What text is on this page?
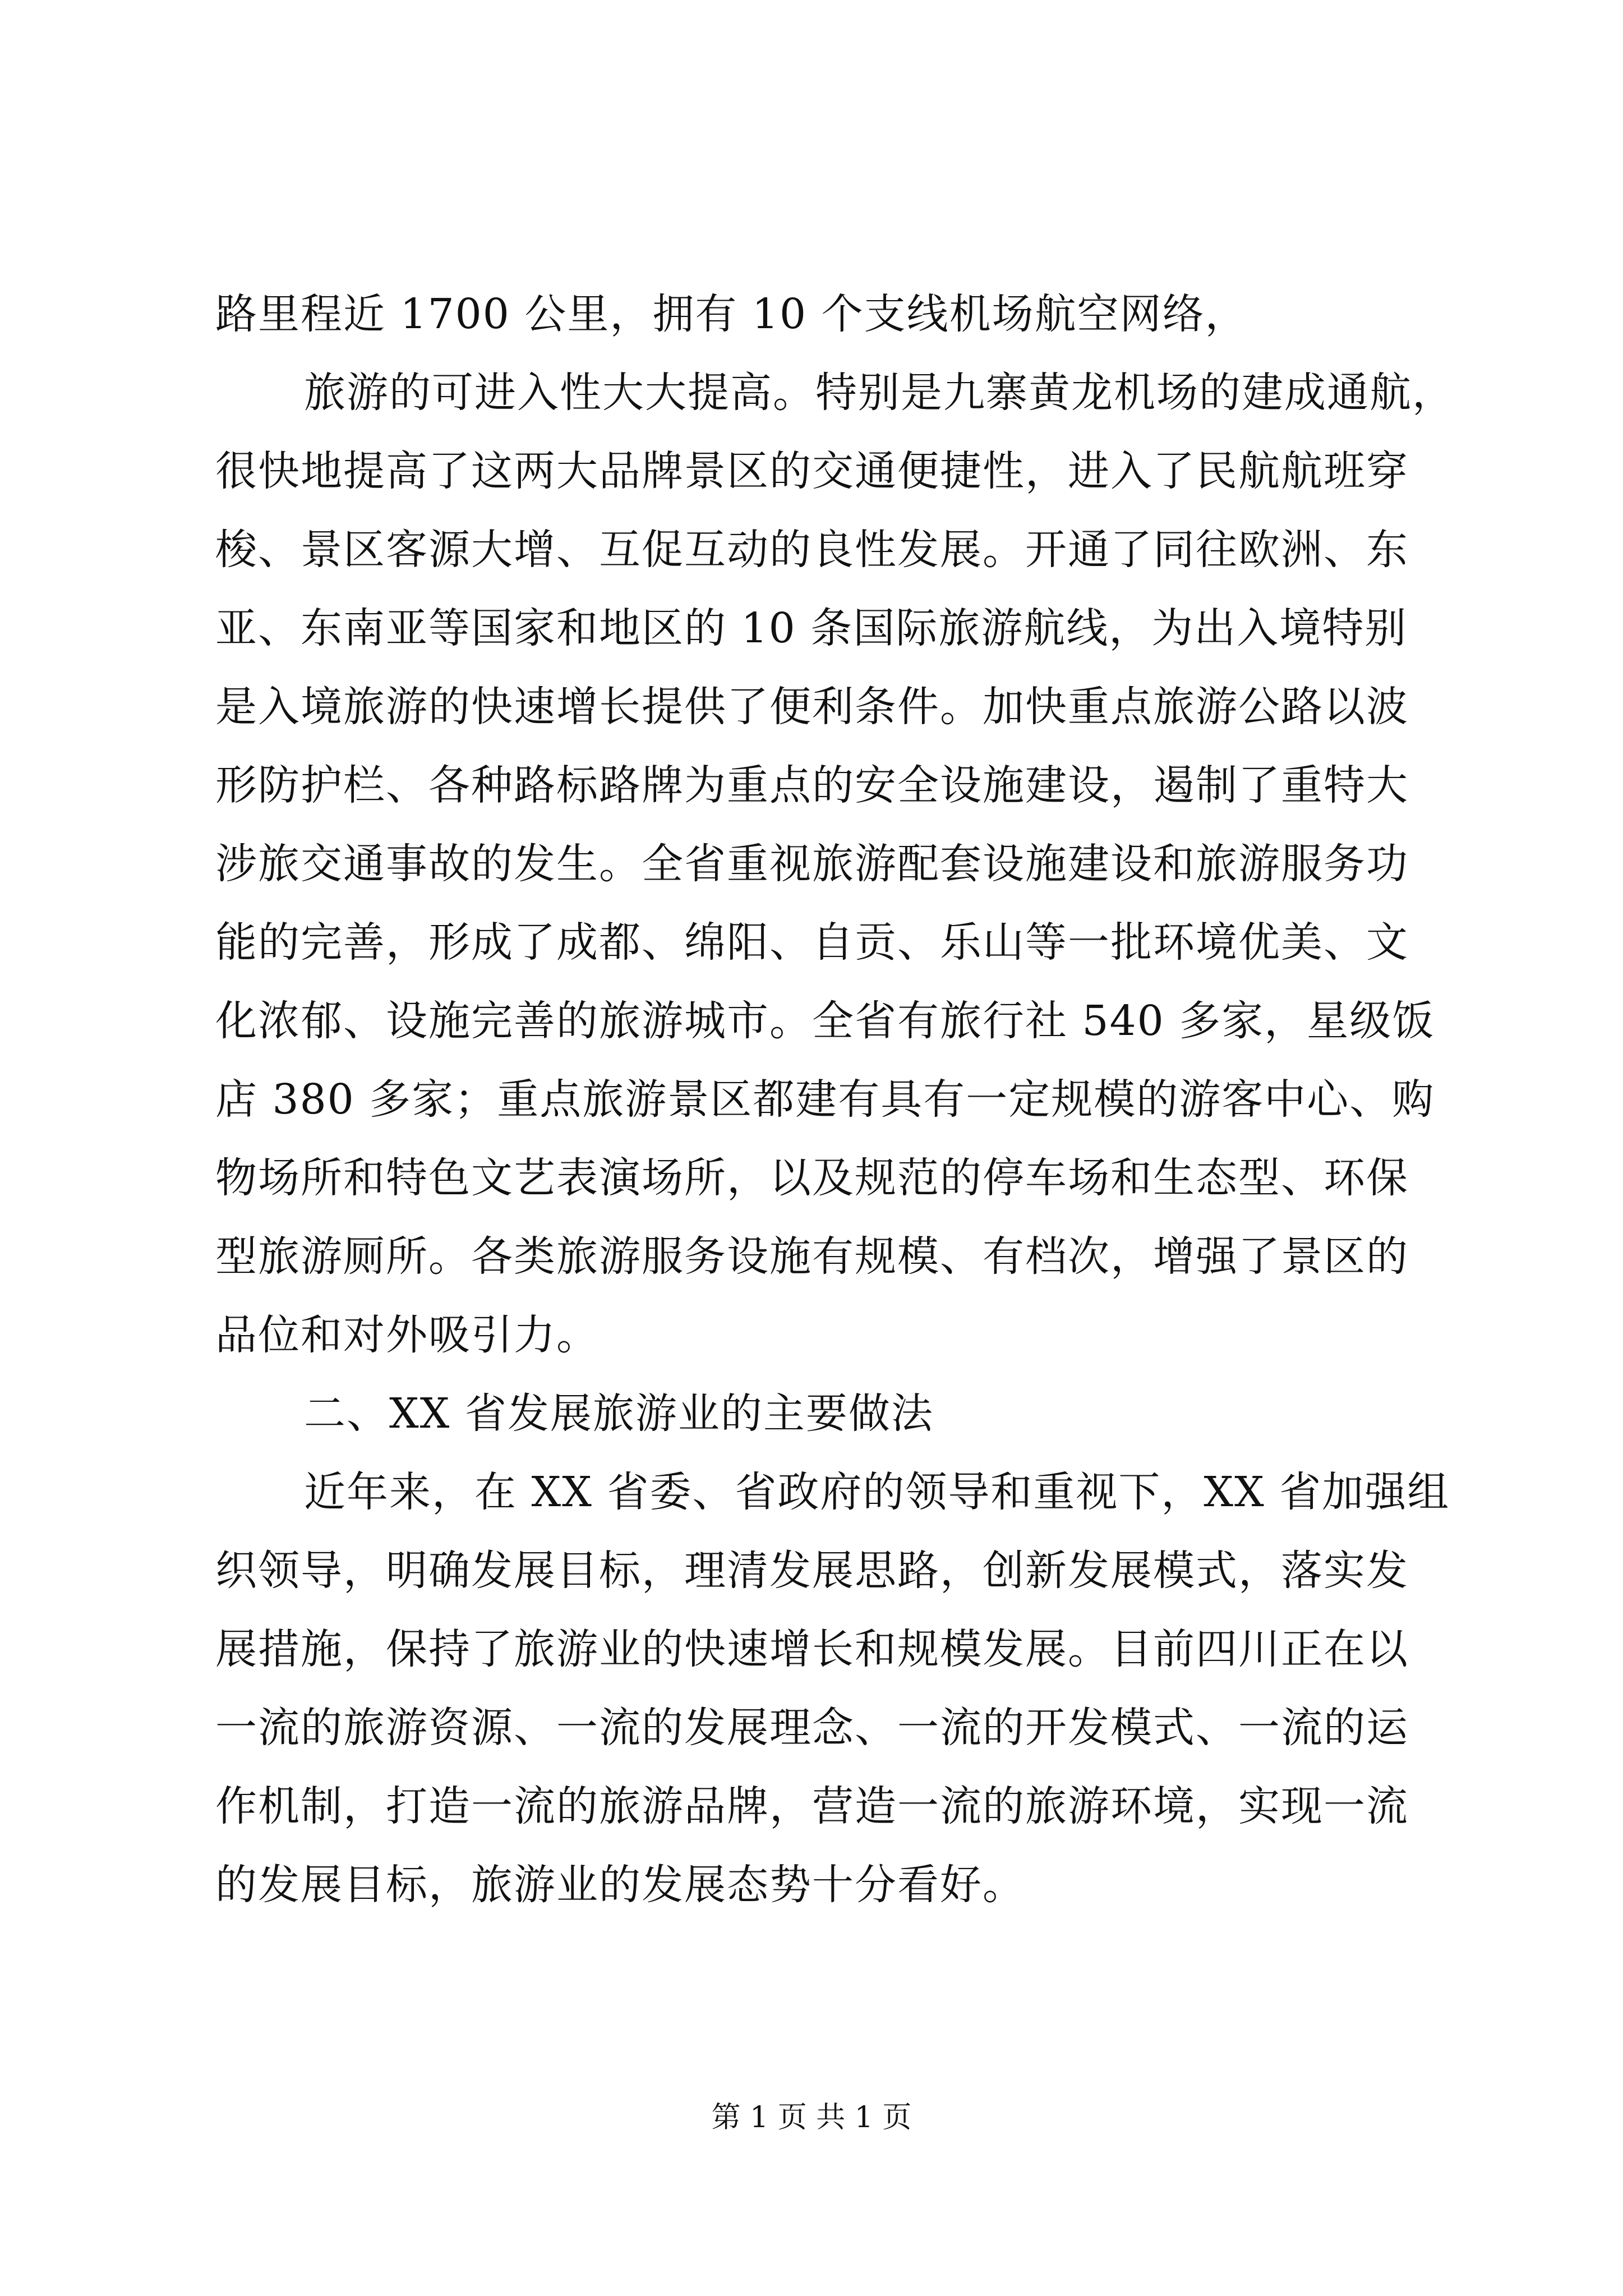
路里程近 1700 公里，拥有 10 个支线机场航空网络，
旅游的可进入性大大提高。特别是九寨黄龙机场的建成通航，
很快地提高了这两大品牌景区的交通便捷性，进入了民航航班穿
梭、景区客源大增、互促互动的良性发展。开通了同往欧洲、东
亚、东南亚等国家和地区的 10 条国际旅游航线，为出入境特别
是入境旅游的快速增长提供了便利条件。加快重点旅游公路以波
形防护栏、各种路标路牌为重点的安全设施建设，遏制了重特大
涉旅交通事故的发生。全省重视旅游配套设施建设和旅游服务功
能的完善，形成了成都、绵阳、自贡、乐山等一批环境优美、文
化浓郁、设施完善的旅游城市。全省有旅行社 540 多家，星级饭
店 380 多家；重点旅游景区都建有具有一定规模的游客中心、购
物场所和特色文艺表演场所，以及规范的停车场和生态型、环保
型旅游厕所。各类旅游服务设施有规模、有档次，增强了景区的
品位和对外吸引力。
二、XX 省发展旅游业的主要做法
近年来，在 XX 省委、省政府的领导和重视下，XX 省加强组
织领导，明确发展目标，理清发展思路，创新发展模式，落实发
展措施，保持了旅游业的快速增长和规模发展。目前四川正在以
一流的旅游资源、一流的发展理念、一流的开发模式、一流的运
作机制，打造一流的旅游品牌，营造一流的旅游环境，实现一流
的发展目标，旅游业的发展态势十分看好。
第 1 页 共 1 页
